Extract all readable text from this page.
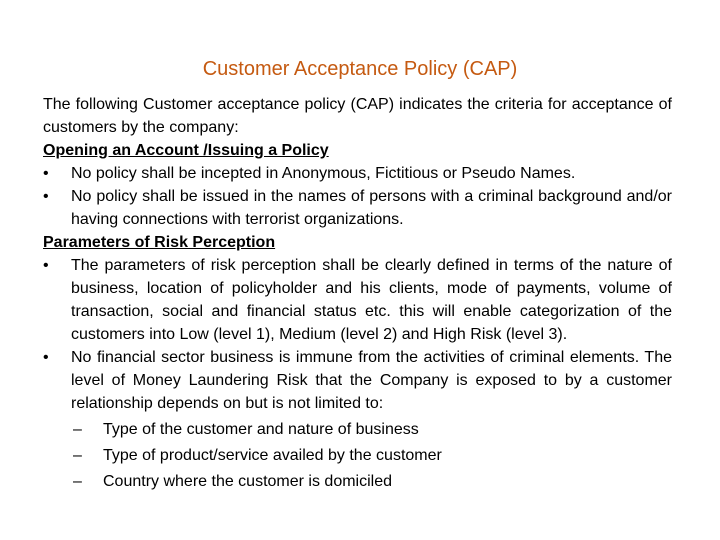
Customer Acceptance Policy (CAP)

The following Customer acceptance policy (CAP) indicates the criteria for acceptance of customers by the company:

Opening an Account /Issuing a Policy

•	No policy shall be incepted in Anonymous, Fictitious or Pseudo Names.
•	No policy shall be issued in the names of persons with a criminal background and/or having connections with terrorist organizations.

Parameters of Risk Perception

•	The parameters of risk perception shall be clearly defined in terms of the nature of business, location of policyholder and his clients, mode of payments, volume of transaction, social and financial status etc. this will enable categorization of the customers into Low (level 1), Medium (level 2) and High Risk (level 3).
•	No financial sector business is immune from the activities of criminal elements. The level of Money Laundering Risk that the Company is exposed to by a customer relationship depends on but is not limited to:
– Type of the customer and nature of business
– Type of product/service availed by the customer
– Country where the customer is domiciled
